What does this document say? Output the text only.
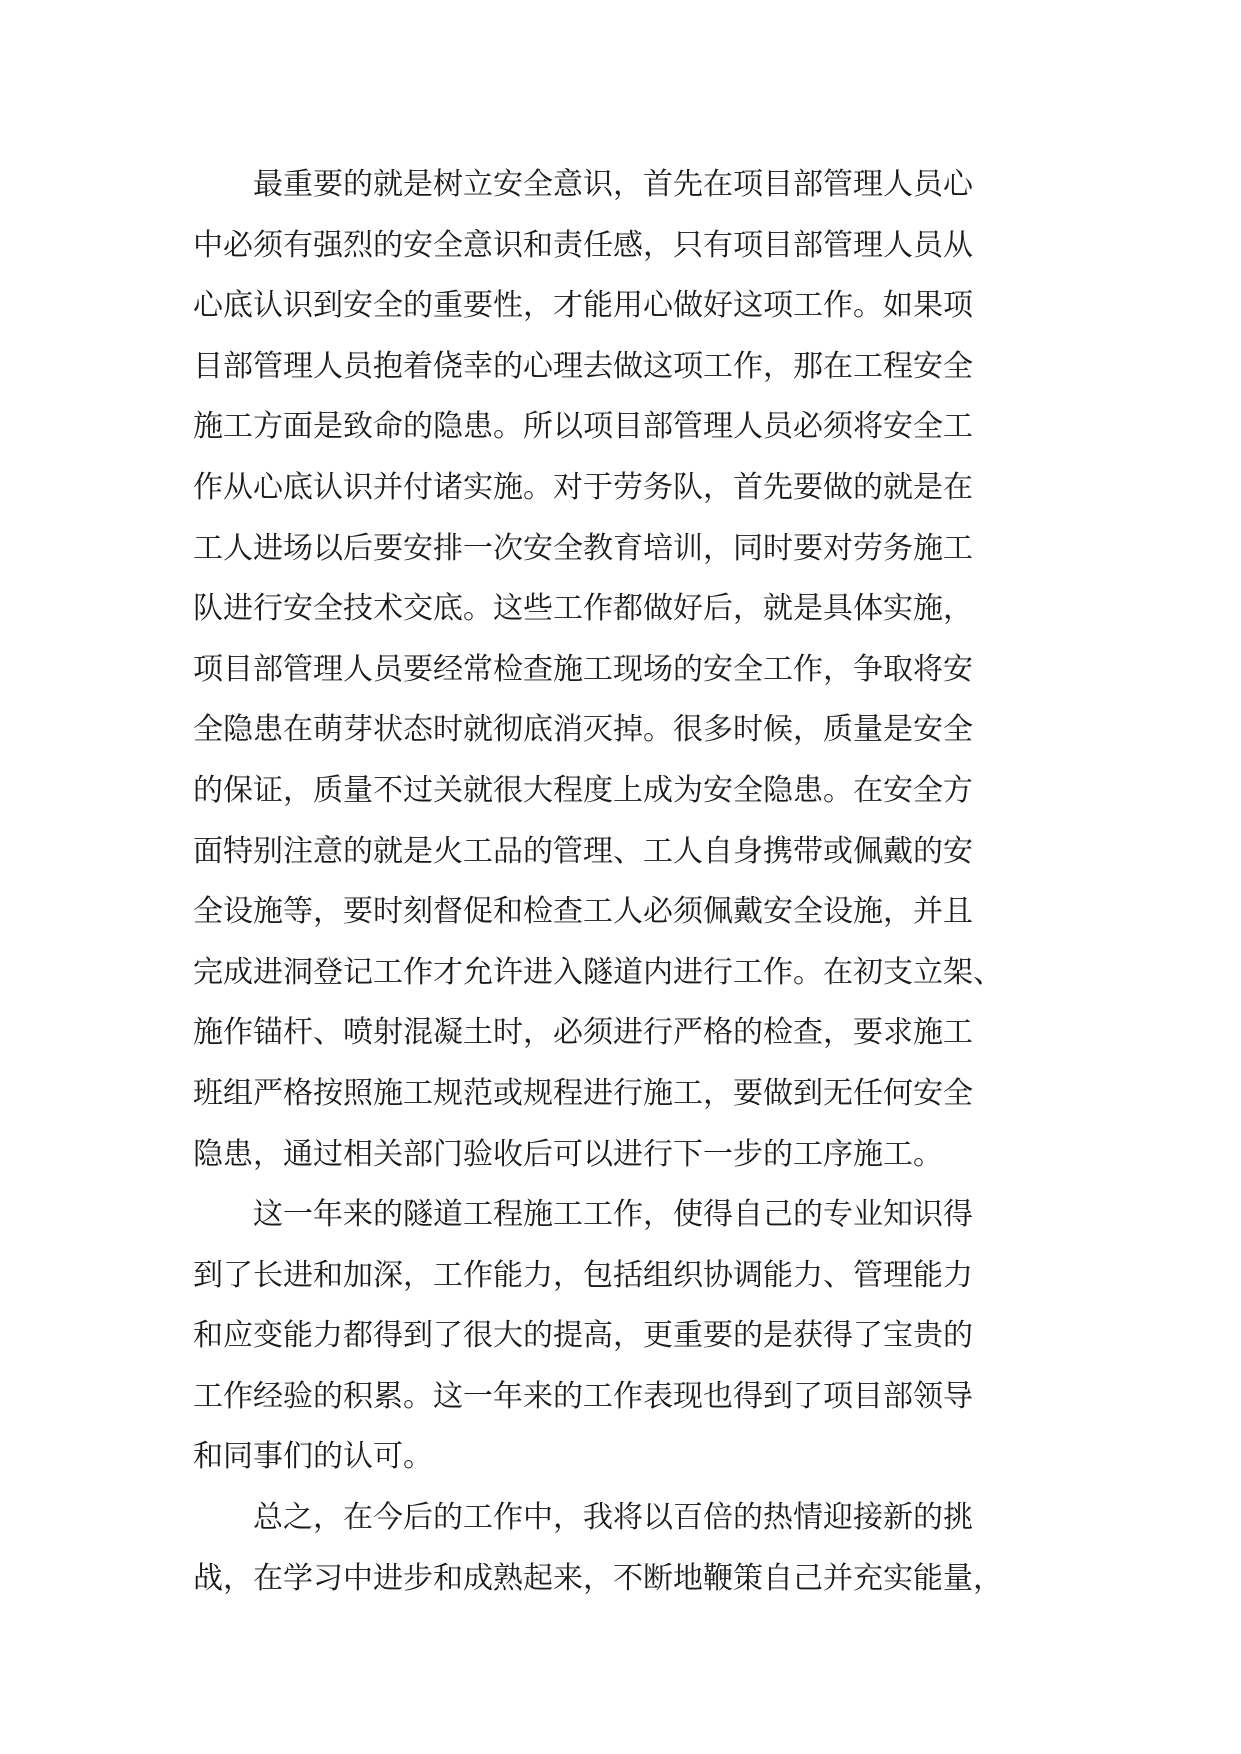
　　最重要的就是树立安全意识，首先在项目部管理人员心
中必须有强烈的安全意识和责任感，只有项目部管理人员从
心底认识到安全的重要性，才能用心做好这项工作。如果项
目部管理人员抱着侥幸的心理去做这项工作，那在工程安全
施工方面是致命的隐患。所以项目部管理人员必须将安全工
作从心底认识并付诸实施。对于劳务队，首先要做的就是在
工人进场以后要安排一次安全教育培训，同时要对劳务施工
队进行安全技术交底。这些工作都做好后，就是具体实施，
项目部管理人员要经常检查施工现场的安全工作，争取将安
全隐患在萌芽状态时就彻底消灭掉。很多时候，质量是安全
的保证，质量不过关就很大程度上成为安全隐患。在安全方
面特别注意的就是火工品的管理、工人自身携带或佩戴的安
全设施等，要时刻督促和检查工人必须佩戴安全设施，并且
完成进洞登记工作才允许进入隧道内进行工作。在初支立架、
施作锚杆、喷射混凝土时，必须进行严格的检查，要求施工
班组严格按照施工规范或规程进行施工，要做到无任何安全
隐患，通过相关部门验收后可以进行下一步的工序施工。

　　这一年来的隧道工程施工工作，使得自己的专业知识得
到了长进和加深，工作能力，包括组织协调能力、管理能力
和应变能力都得到了很大的提高，更重要的是获得了宝贵的
工作经验的积累。这一年来的工作表现也得到了项目部领导
和同事们的认可。

　　总之，在今后的工作中，我将以百倍的热情迎接新的挑
战，在学习中进步和成熟起来，不断地鞭策自己并充实能量，
